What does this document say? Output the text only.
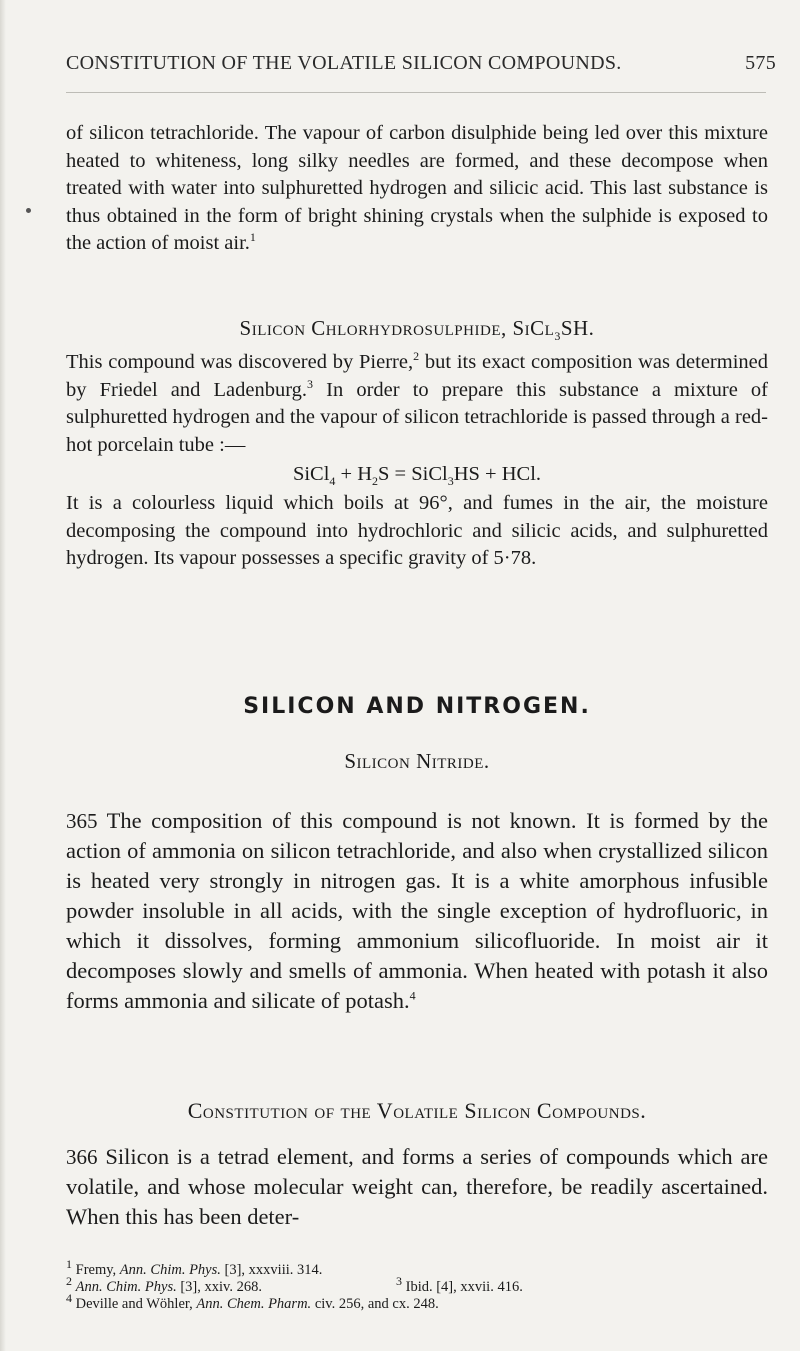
CONSTITUTION OF THE VOLATILE SILICON COMPOUNDS.	575

of silicon tetrachloride. The vapour of carbon disulphide being led over this mixture heated to whiteness, long silky needles are formed, and these decompose when treated with water into sulphuretted hydrogen and silicic acid. This last substance is thus obtained in the form of bright shining crystals when the sulphide is exposed to the action of moist air.$^1$

Silicon Chlorhydrosulphide, SiCl$_3$SH.

This compound was discovered by Pierre,$^2$ but its exact composition was determined by Friedel and Ladenburg.$^3$ In order to prepare this substance a mixture of sulphuretted hydrogen and the vapour of silicon tetrachloride is passed through a red-hot porcelain tube :—

SiCl$_4$ + $H_2S$ = SiCl$_3$HS + HCl.

It is a colourless liquid which boils at 96°, and fumes in the air, the moisture decomposing the compound into hydrochloric and silicic acids, and sulphuretted hydrogen. Its vapour possesses a specific gravity of 5·78.

SILICON AND NITROGEN.
Silicon Nitride.

365 The composition of this compound is not known. It is formed by the action of ammonia on silicon tetrachloride, and also when crystallized silicon is heated very strongly in nitrogen gas. It is a white amorphous infusible powder insoluble in all acids, with the single exception of hydrofluoric, in which it dissolves, forming ammonium silicofluoride. In moist air it decomposes slowly and smells of ammonia. When heated with potash it also forms ammonia and silicate of potash.$^4$

Constitution of the Volatile Silicon Compounds.

366 Silicon is a tetrad element, and forms a series of compounds which are volatile, and whose molecular weight can, therefore, be readily ascertained. When this has been deter-

$^1$ Fremy, Ann. Chim. Phys. [3], xxxviii. 314.
$^2$ Ann. Chim. Phys. [3], xxiv. 268.	$^3$ Ibid. [4], xxvii. 416.
$^4$ Deville and Wöhler, Ann. Chem. Pharm. civ. 256, and cx. 248.
